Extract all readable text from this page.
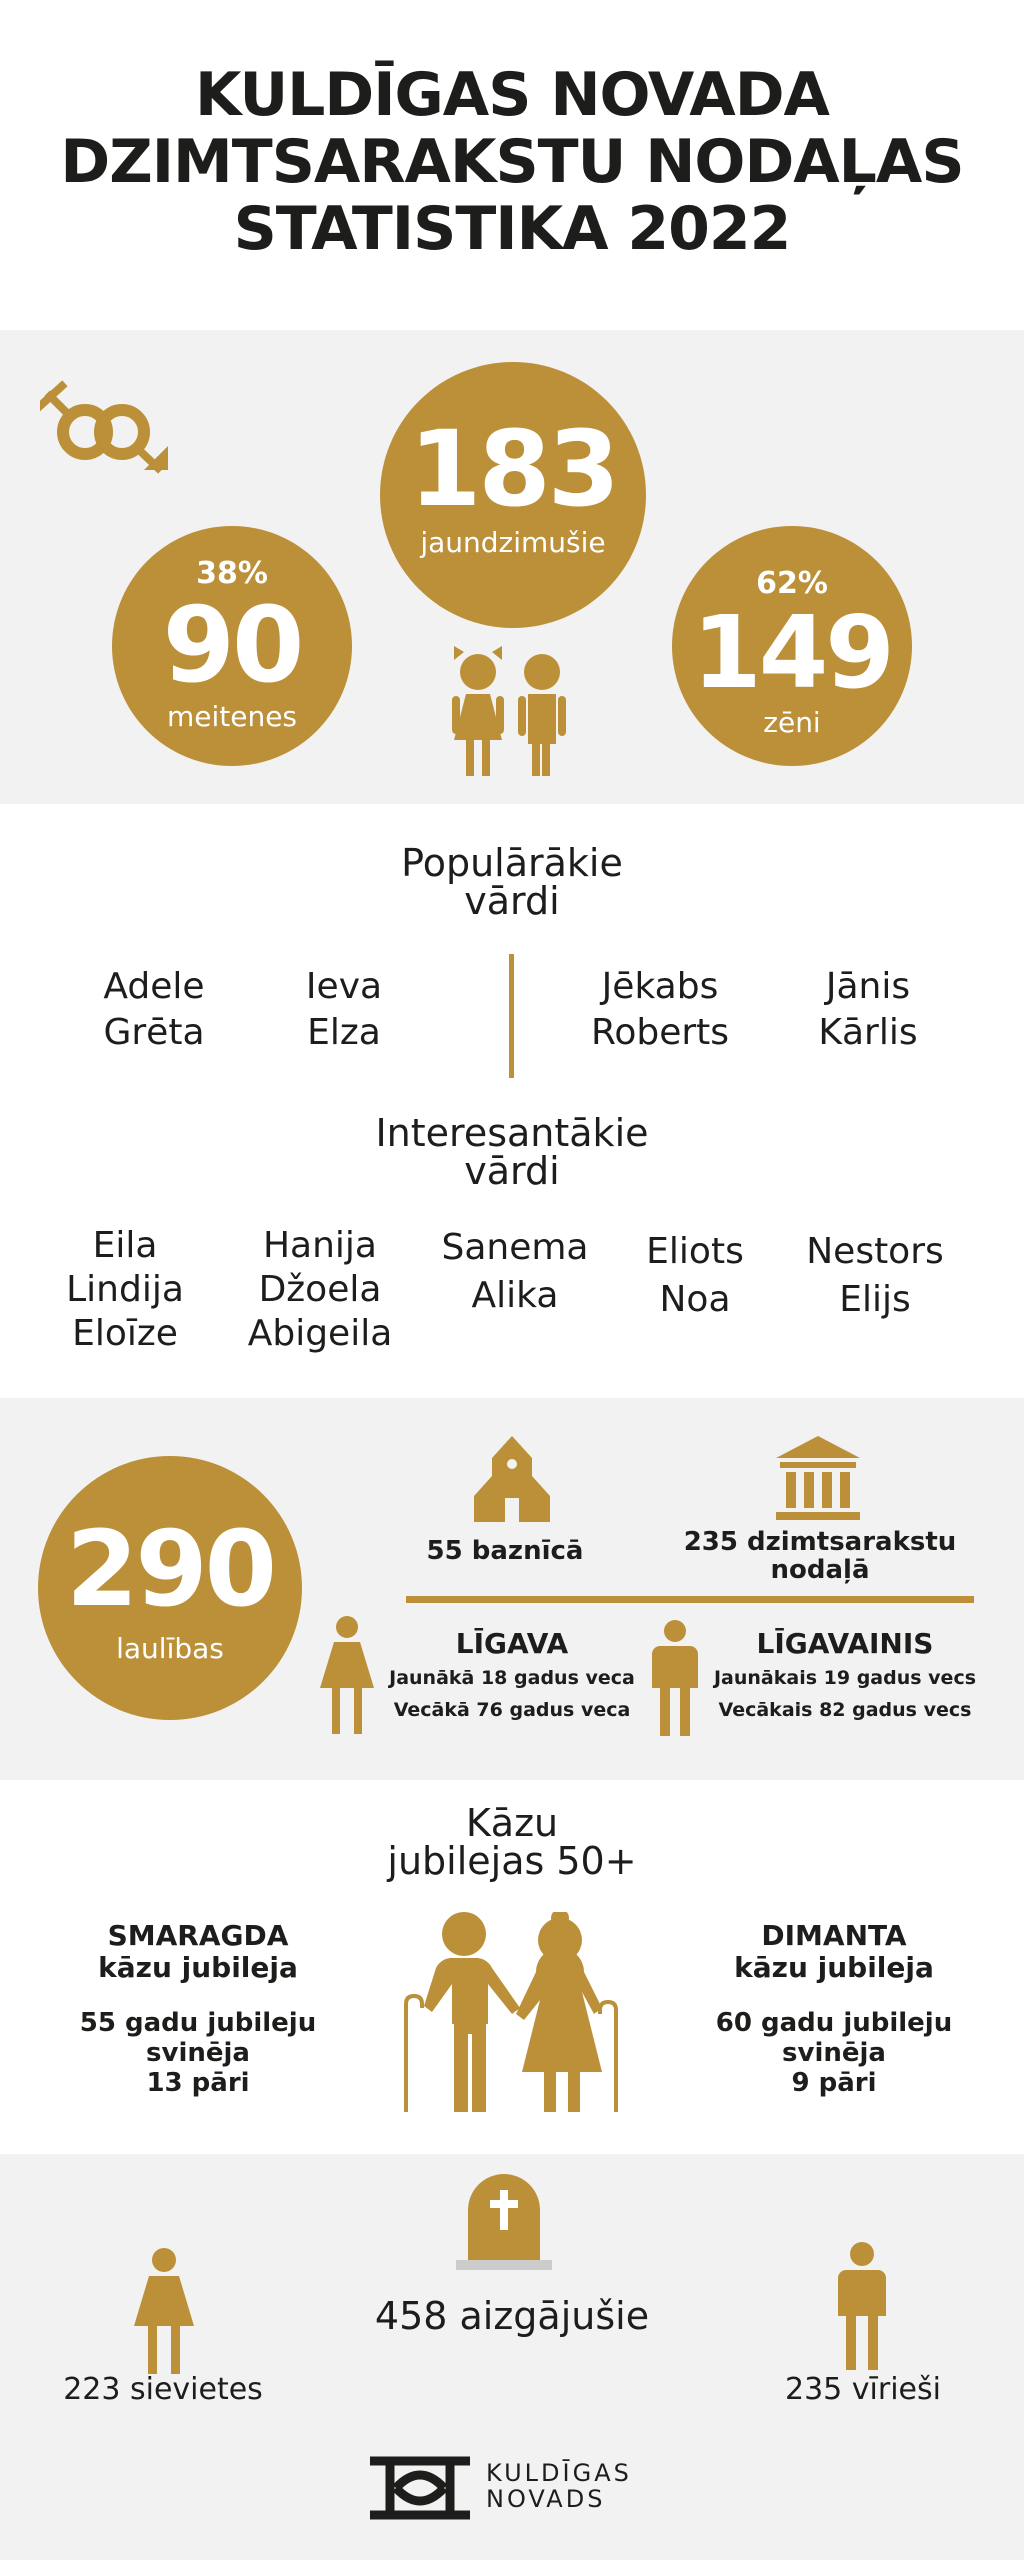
KULDĪGAS NOVADA
DZIMTSARAKSTU NODAĻAS
STATISTIKA 2022
183
jaundzimušie
38%
90
meitenes
62%
149
zēni
Populārākie
vārdi
Adele
Grēta
Ieva
Elza
Jēkabs
Roberts
Jānis
Kārlis
Interesantākie
vārdi
Eila
Lindija
Eloīze
Hanija
Džoela
Abigeila
Sanema
Alika
Eliots
Noa
Nestors
Elijs
290
laulības
55 baznīcā	235 dzimtsarakstu
nodaļā
LĪGAVA
Jaunākā 18 gadus veca
Vecākā 76 gadus veca
LĪGAVAINIS
Jaunākais 19 gadus vecs
Vecākais 82 gadus vecs
Kāzu
jubilejas 50+
SMARAGDA
kāzu jubileja
55 gadu jubileju
svinēja
13 pāri
DIMANTA
kāzu jubileja
60 gadu jubileju
svinēja
9 pāri
458 aizgājušie
223 sievietes	235 vīrieši
KULDĪGAS
NOVADS
